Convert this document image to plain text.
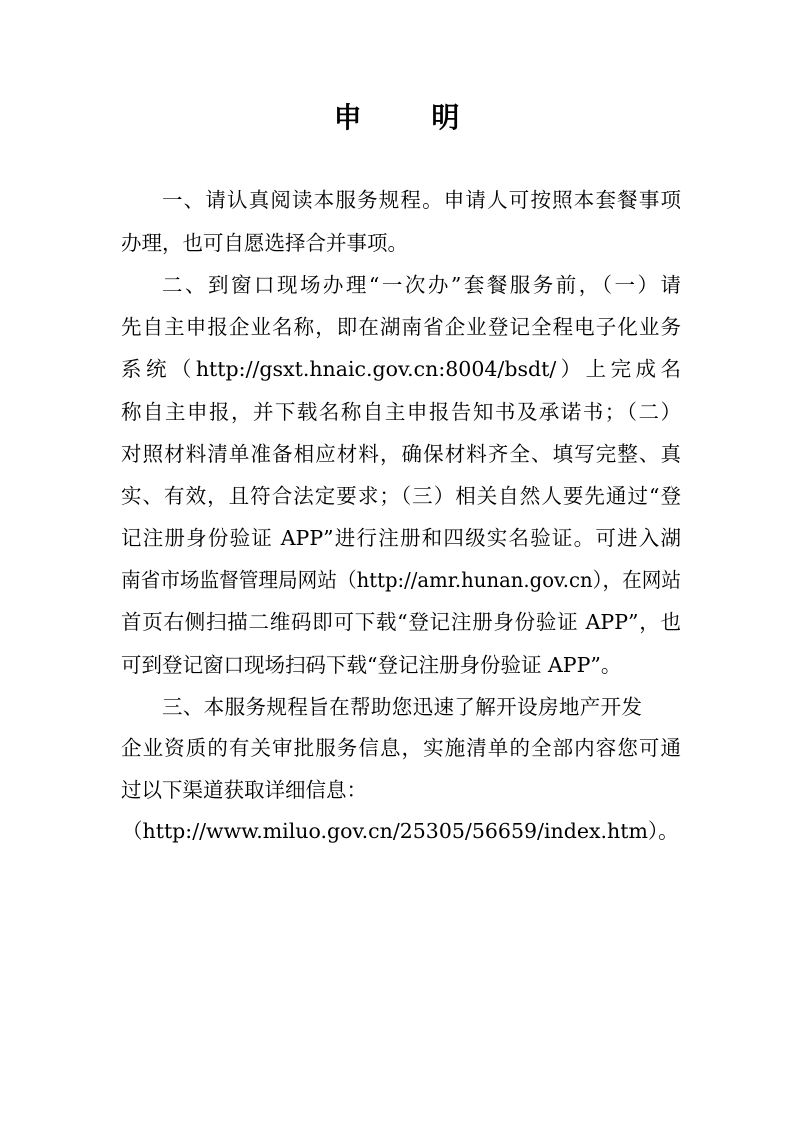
申 明
一、请认真阅读本服务规程。申请人可按照本套餐事项
办理，也可自愿选择合并事项。
二、到窗口现场办理“一次办”套餐服务前，（一）请
先自主申报企业名称，即在湖南省企业登记全程电子化业务
系统（http://gsxt.hnaic.gov.cn:8004/bsdt/）上完成名
称自主申报，并下载名称自主申报告知书及承诺书；（二）
对照材料清单准备相应材料，确保材料齐全、填写完整、真
实、有效，且符合法定要求；（三）相关自然人要先通过“登
记注册身份验证 APP”进行注册和四级实名验证。可进入湖
南省市场监督管理局网站（http://amr.hunan.gov.cn），在网站
首页右侧扫描二维码即可下载“登记注册身份验证 APP”，也
可到登记窗口现场扫码下载“登记注册身份验证 APP”。
三、本服务规程旨在帮助您迅速了解开设房地产开发
企业资质的有关审批服务信息，实施清单的全部内容您可通
过以下渠道获取详细信息：
（http://www.miluo.gov.cn/25305/56659/index.htm）。
